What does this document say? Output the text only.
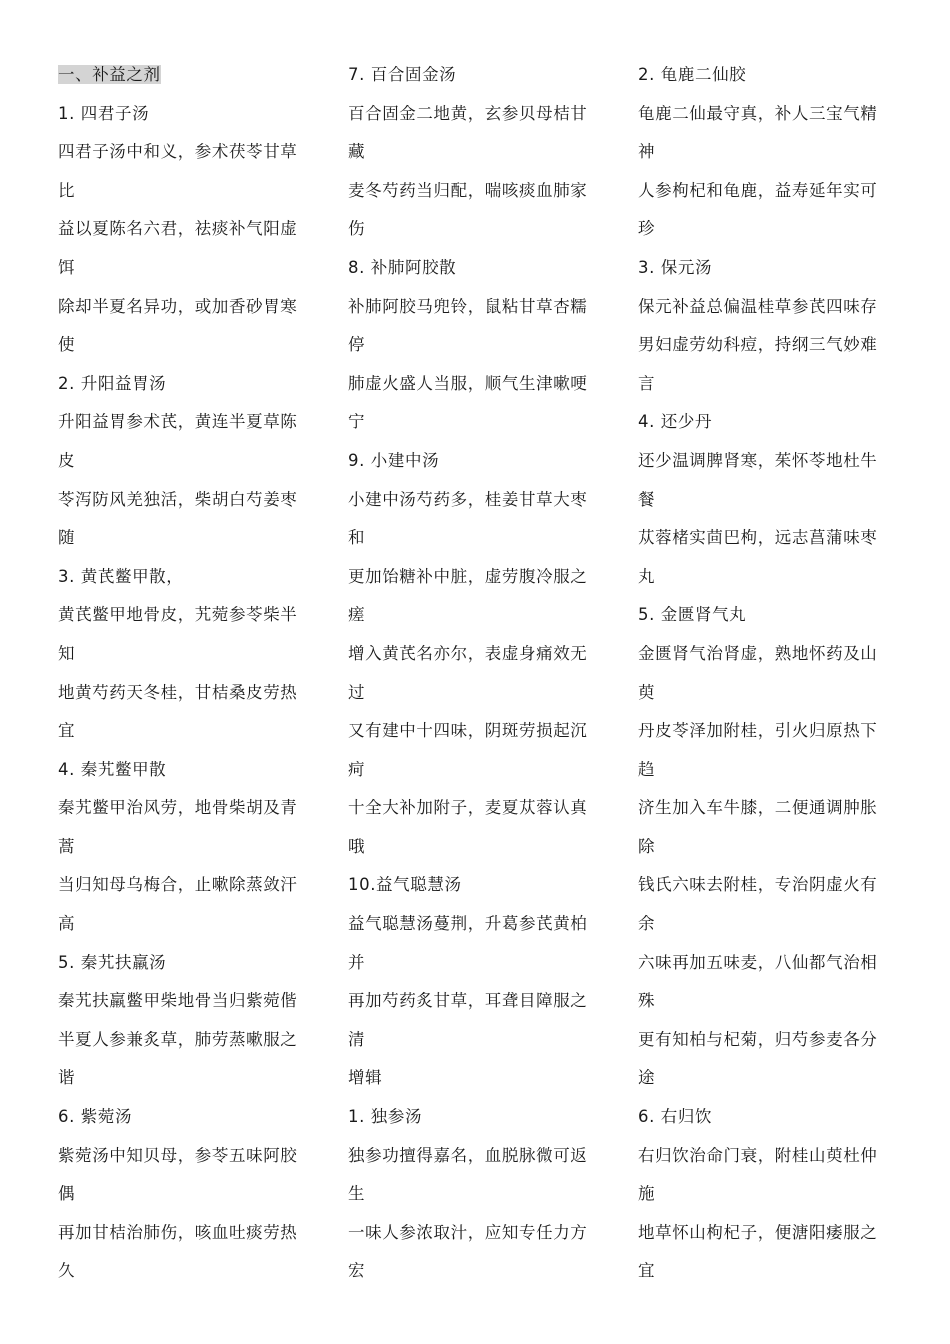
一、补益之剂
1. 四君子汤
四君子汤中和义，参术茯苓甘草
比
益以夏陈名六君，祛痰补气阳虚
饵
除却半夏名异功，或加香砂胃寒
使
2. 升阳益胃汤
升阳益胃参术芪，黄连半夏草陈
皮
苓泻防风羌独活，柴胡白芍姜枣
随
3. 黄芪鳖甲散，
黄芪鳖甲地骨皮，艽菀参苓柴半
知
地黄芍药天冬桂，甘桔桑皮劳热
宜
4. 秦艽鳖甲散
秦艽鳖甲治风劳，地骨柴胡及青
蒿
当归知母乌梅合，止嗽除蒸敛汗
高
5. 秦艽扶羸汤
秦艽扶羸鳖甲柴地骨当归紫菀偕
半夏人参兼炙草，肺劳蒸嗽服之
谐
6. 紫菀汤
紫菀汤中知贝母，参苓五味阿胶
偶
再加甘桔治肺伤，咳血吐痰劳热
久
7. 百合固金汤
百合固金二地黄，玄参贝母桔甘
藏
麦冬芍药当归配，喘咳痰血肺家
伤
8. 补肺阿胶散
补肺阿胶马兜铃，鼠粘甘草杏糯
停
肺虚火盛人当服，顺气生津嗽哽
宁
9. 小建中汤
小建中汤芍药多，桂姜甘草大枣
和
更加饴糖补中脏，虚劳腹冷服之
瘥
增入黄芪名亦尔，表虚身痛效无
过
又有建中十四味，阴斑劳损起沉
疴
十全大补加附子，麦夏苁蓉认真
哦
10.益气聪慧汤
益气聪慧汤蔓荆，升葛参芪黄柏
并
再加芍药炙甘草，耳聋目障服之
清
增辑
1. 独参汤
独参功擅得嘉名，血脱脉微可返
生
一味人参浓取汁，应知专任力方
宏
2. 龟鹿二仙胶
龟鹿二仙最守真，补人三宝气精
神
人参枸杞和龟鹿，益寿延年实可
珍
3. 保元汤
保元补益总偏温桂草参芪四味存
男妇虚劳幼科痘，持纲三气妙难
言
4. 还少丹
还少温调脾肾寒，茱怀苓地杜牛
餐
苁蓉楮实茴巴枸，远志菖蒲味枣
丸
5. 金匮肾气丸
金匮肾气治肾虚，熟地怀药及山
萸
丹皮苓泽加附桂，引火归原热下
趋
济生加入车牛膝，二便通调肿胀
除
钱氏六味去附桂，专治阴虚火有
余
六味再加五味麦，八仙都气治相
殊
更有知柏与杞菊，归芍参麦各分
途
6. 右归饮
右归饮治命门衰，附桂山萸杜仲
施
地草怀山枸杞子，便溏阳痿服之
宜
